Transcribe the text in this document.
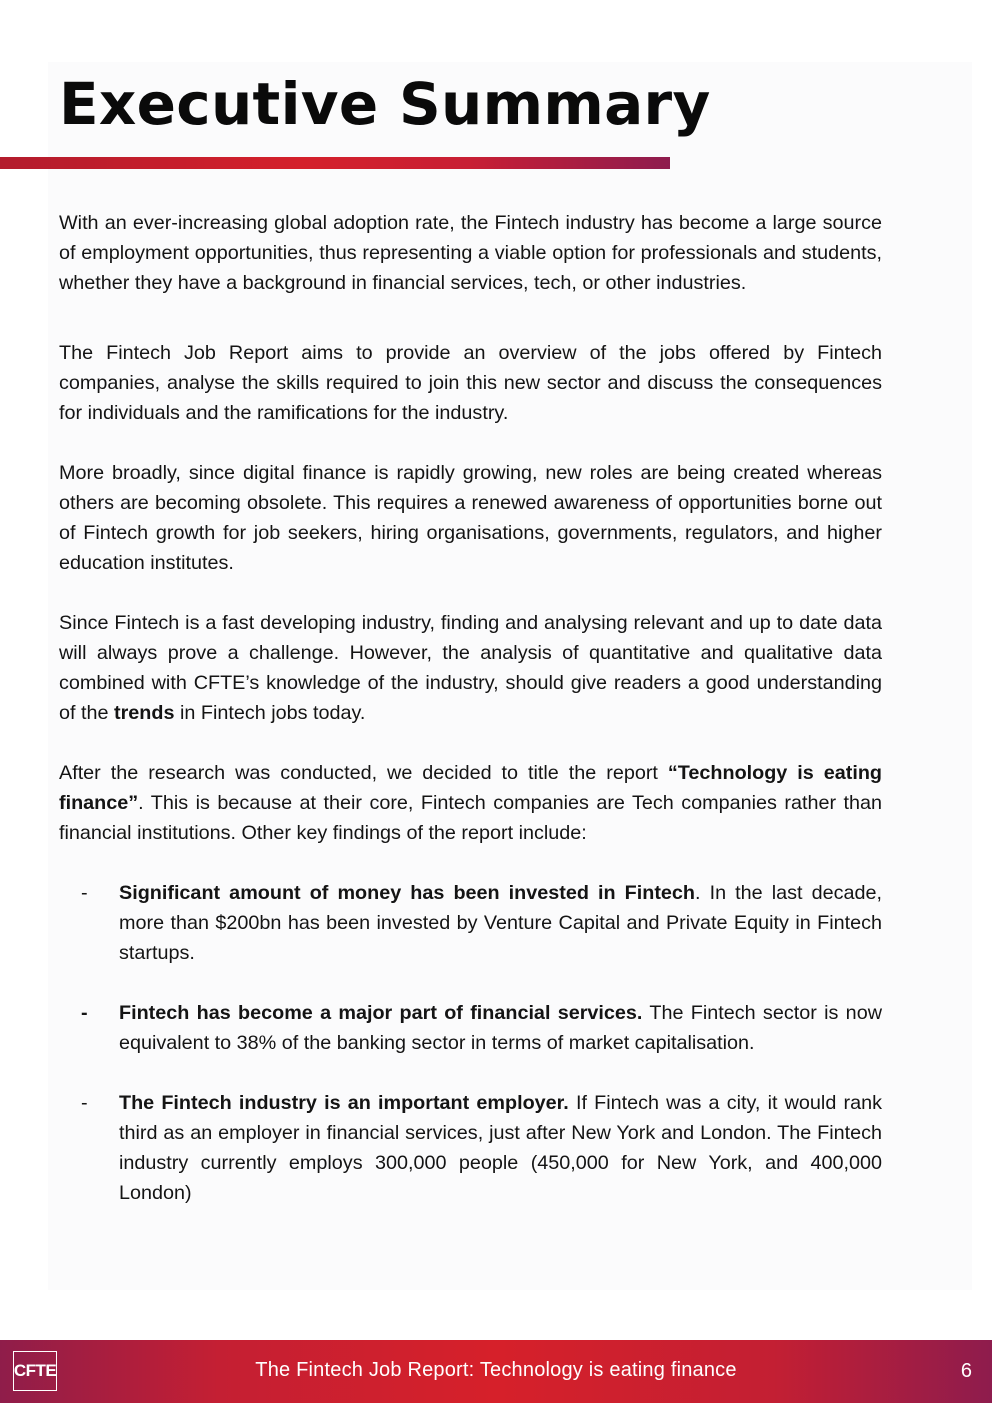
Executive Summary

With an ever-increasing global adoption rate, the Fintech industry has become a large source of employment opportunities, thus representing a viable option for professionals and students, whether they have a background in financial services, tech, or other industries.

The Fintech Job Report aims to provide an overview of the jobs offered by Fintech companies, analyse the skills required to join this new sector and discuss the consequences for individuals and the ramifications for the industry.

More broadly, since digital finance is rapidly growing, new roles are being created whereas others are becoming obsolete. This requires a renewed awareness of opportunities borne out of Fintech growth for job seekers, hiring organisations, governments, regulators, and higher education institutes.

Since Fintech is a fast developing industry, finding and analysing relevant and up to date data will always prove a challenge. However, the analysis of quantitative and qualitative data combined with CFTE’s knowledge of the industry, should give readers a good understanding of the trends in Fintech jobs today.

After the research was conducted, we decided to title the report “Technology is eating finance”. This is because at their core, Fintech companies are Tech companies rather than financial institutions. Other key findings of the report include:

- Significant amount of money has been invested in Fintech. In the last decade, more than $200bn has been invested by Venture Capital and Private Equity in Fintech startups.
- Fintech has become a major part of financial services. The Fintech sector is now equivalent to 38% of the banking sector in terms of market capitalisation.
- The Fintech industry is an important employer. If Fintech was a city, it would rank third as an employer in financial services, just after New York and London. The Fintech industry currently employs 300,000 people (450,000 for New York, and 400,000 London)
CFTE	The Fintech Job Report: Technology is eating finance	6
